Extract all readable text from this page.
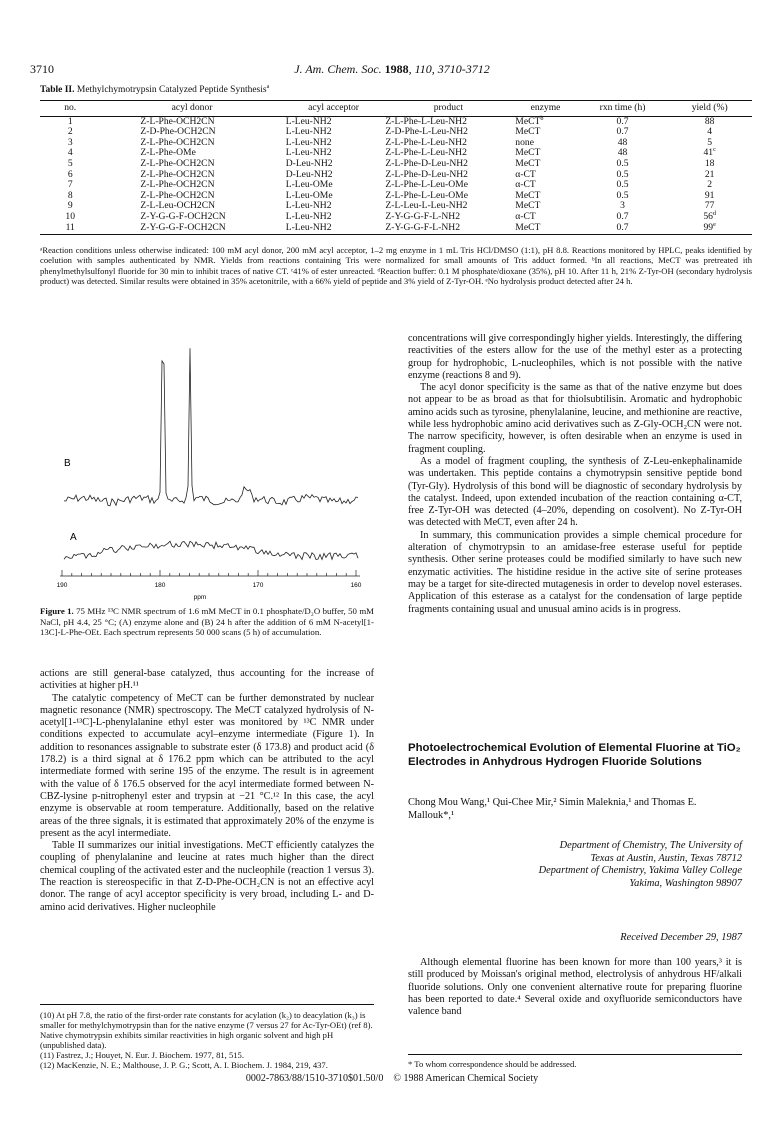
3710	J. Am. Chem. Soc. 1988, 110, 3710-3712
Table II. Methylchymotrypsin Catalyzed Peptide Synthesis$^a$
no.	acyl donor	acyl acceptor	product	enzyme	rxn time (h)	yield (%)
1	Z-L-Phe-OCH2CN	L-Leu-NH2	Z-L-Phe-L-Leu-NH2	MeCT$^b$	0.7	88
2	Z-D-Phe-OCH2CN	L-Leu-NH2	Z-D-Phe-L-Leu-NH2	MeCT	0.7	4
3	Z-L-Phe-OCH2CN	L-Leu-NH2	Z-L-Phe-L-Leu-NH2	none	48	5
4	Z-L-Phe-OMe	L-Leu-NH2	Z-L-Phe-L-Leu-NH2	MeCT	48	41$^c$
5	Z-L-Phe-OCH2CN	D-Leu-NH2	Z-L-Phe-D-Leu-NH2	MeCT	0.5	18
6	Z-L-Phe-OCH2CN	D-Leu-NH2	Z-L-Phe-D-Leu-NH2	α-CT	0.5	21
7	Z-L-Phe-OCH2CN	L-Leu-OMe	Z-L-Phe-L-Leu-OMe	α-CT	0.5	2
8	Z-L-Phe-OCH2CN	L-Leu-OMe	Z-L-Phe-L-Leu-OMe	MeCT	0.5	91
9	Z-L-Leu-OCH2CN	L-Leu-NH2	Z-L-Leu-L-Leu-NH2	MeCT	3	77
10	Z-Y-G-G-F-OCH2CN	L-Leu-NH2	Z-Y-G-G-F-L-NH2	α-CT	0.7	56$^d$
11	Z-Y-G-G-F-OCH2CN	L-Leu-NH2	Z-Y-G-G-F-L-NH2	MeCT	0.7	99e
ᵃReaction conditions unless otherwise indicated: 100 mM acyl donor, 200 mM acyl acceptor, 1–2 mg enzyme in 1 mL Tris HCl/DMSO (1:1), pH 8.8. Reactions monitored by HPLC, peaks identified by coelution with samples authenticated by NMR. Yields from reactions containing Tris were normalized for small amounts of Tris adduct formed. ᵇIn all reactions, MeCT was pretreated ith phenylmethylsulfonyl fluoride for 30 min to inhibit traces of native CT. ᶜ41% of ester unreacted. ᵈReaction buffer: 0.1 M phosphate/dioxane (35%), pH 10. After 11 h, 21% Z-Tyr-OH (secondary hydrolysis product) was detected. Similar results were obtained in 35% acetonitrile, with a 66% yield of peptide and 3% yield of Z-Tyr-OH. ᵉNo hydrolysis product detected after 24 h.
B
A
190	180	170	160
ppm
Figure 1. 75 MHz ¹³C NMR spectrum of 1.6 mM MeCT in 0.1 phosphate/D₂O buffer, 50 mM NaCl, pH 4.4, 25 °C; (A) enzyme alone and (B) 24 h after the addition of 6 mM N-acetyl[1-13C]-L-Phe-OEt. Each spectrum represents 50 000 scans (5 h) of accumulation.

actions are still general-base catalyzed, thus accounting for the increase of activities at higher pH.¹¹

The catalytic competency of MeCT can be further demonstrated by nuclear magnetic resonance (NMR) spectroscopy. The MeCT catalyzed hydrolysis of N-acetyl[1-¹³C]-L-phenylalanine ethyl ester was monitored by ¹³C NMR under conditions expected to accumulate acyl–enzyme intermediate (Figure 1). In addition to resonances assignable to substrate ester (δ 173.8) and product acid (δ 178.2) is a third signal at δ 176.2 ppm which can be attributed to the acyl intermediate formed with serine 195 of the enzyme. The result is in agreement with the value of δ 176.5 observed for the acyl intermediate formed between N-CBZ-lysine p-nitrophenyl ester and trypsin at −21 °C.¹² In this case, the acyl enzyme is observable at room temperature. Additionally, based on the relative areas of the three signals, it is estimated that approximately 20% of the enzyme is present as the acyl intermediate.

Table II summarizes our initial investigations. MeCT efficiently catalyzes the coupling of phenylalanine and leucine at rates much higher than the direct chemical coupling of the activated ester and the nucleophile (reaction 1 versus 3). The reaction is stereospecific in that Z-D-Phe-OCH₂CN is not an effective acyl donor. The range of acyl acceptor specificity is very broad, including L- and D-amino acid derivatives. Higher nucleophile

(10) At pH 7.8, the ratio of the first-order rate constants for acylation (k₂) to deacylation (k₃) is smaller for methylchymotrypsin than for the native enzyme (7 versus 27 for Ac-Tyr-OEt) (ref 8). Native chymotrypsin exhibits similar reactivities in high organic solvent and high pH (unpublished data).
(11) Fastrez, J.; Houyet, N. Eur. J. Biochem. 1977, 81, 515.
(12) MacKenzie, N. E.; Malthouse, J. P. G.; Scott, A. I. Biochem. J. 1984, 219, 437.

concentrations will give correspondingly higher yields. Interestingly, the differing reactivities of the esters allow for the use of the methyl ester as a protecting group for hydrophobic, L-nucleophiles, which is not possible with the native enzyme (reactions 8 and 9).

The acyl donor specificity is the same as that of the native enzyme but does not appear to be as broad as that for thiolsubtilisin. Aromatic and hydrophobic amino acids such as tyrosine, phenylalanine, leucine, and methionine are reactive, while less hydrophobic amino acid derivatives such as Z-Gly-OCH₂CN were not. The narrow specificity, however, is often desirable when an enzyme is used in fragment coupling.

As a model of fragment coupling, the synthesis of Z-Leu-enkephalinamide was undertaken. This peptide contains a chymotrypsin sensitive peptide bond (Tyr-Gly). Hydrolysis of this bond will be diagnostic of secondary hydrolysis by the catalyst. Indeed, upon extended incubation of the reaction containing α-CT, free Z-Tyr-OH was detected (4–20%, depending on cosolvent). No Z-Tyr-OH was detected with MeCT, even after 24 h.

In summary, this communication provides a simple chemical procedure for alteration of chymotrypsin to an amidase-free esterase useful for peptide synthesis. Other serine proteases could be modified similarly to have such new enzymatic activities. The histidine residue in the active site of serine proteases may be a target for site-directed mutagenesis in order to develop novel esterases. Application of this esterase as a catalyst for the condensation of large peptide fragments containing usual and unusual amino acids is in progress.

Photoelectrochemical Evolution of Elemental Fluorine at TiO₂ Electrodes in Anhydrous Hydrogen Fluoride Solutions
Chong Mou Wang,¹ Qui-Chee Mir,² Simin Maleknia,¹ and Thomas E. Mallouk*,¹
Department of Chemistry, The University of
Texas at Austin, Austin, Texas 78712
Department of Chemistry, Yakima Valley College
Yakima, Washington 98907
Received December 29, 1987
Although elemental fluorine has been known for more than 100 years,³ it is still produced by Moissan's original method, electrolysis of anhydrous HF/alkali fluoride solutions. Only one convenient alternative route for preparing fluorine has been reported to date.⁴ Several oxide and oxyfluoride semiconductors have valence band
* To whom correspondence should be addressed.
0002-7863/88/1510-3710$01.50/0 © 1988 American Chemical Society
